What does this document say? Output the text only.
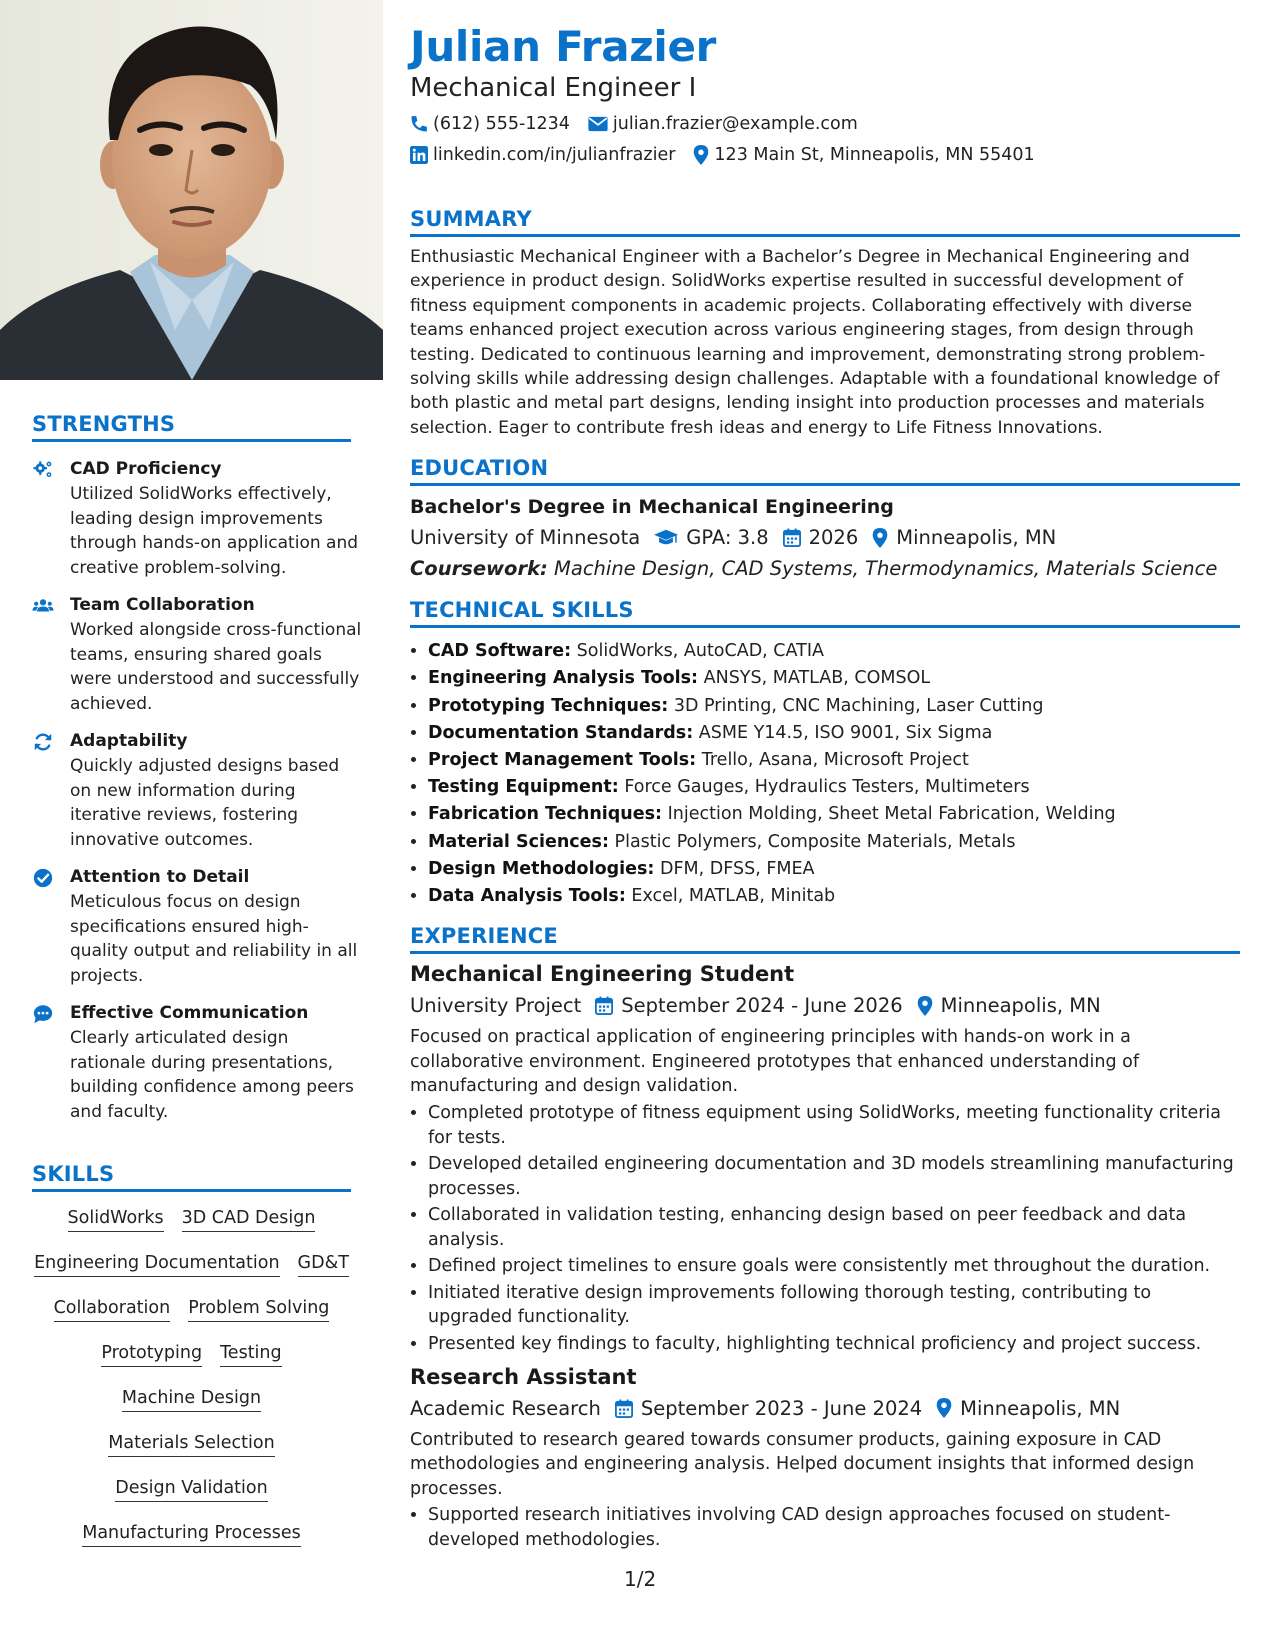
STRENGTHS
CAD Proficiency
Utilized SolidWorks effectively, leading design improvements through hands-on application and creative problem-solving.
Team Collaboration
Worked alongside cross-functional teams, ensuring shared goals were understood and successfully achieved.
Adaptability
Quickly adjusted designs based on new information during iterative reviews, fostering innovative outcomes.
Attention to Detail
Meticulous focus on design specifications ensured high-quality output and reliability in all projects.
Effective Communication
Clearly articulated design rationale during presentations, building confidence among peers and faculty.
SKILLS
SolidWorks 3D CAD Design
Engineering Documentation GD&T
Collaboration Problem Solving
Prototyping Testing
Machine Design
Materials Selection
Design Validation
Manufacturing Processes
Julian Frazier
Mechanical Engineer I
(612) 555-1234 julian.frazier@example.com
linkedin.com/in/julianfrazier 123 Main St, Minneapolis, MN 55401
SUMMARY
Enthusiastic Mechanical Engineer with a Bachelor’s Degree in Mechanical Engineering and experience in product design. SolidWorks expertise resulted in successful development of fitness equipment components in academic projects. Collaborating effectively with diverse teams enhanced project execution across various engineering stages, from design through testing. Dedicated to continuous learning and improvement, demonstrating strong problem-solving skills while addressing design challenges. Adaptable with a foundational knowledge of both plastic and metal part designs, lending insight into production processes and materials selection. Eager to contribute fresh ideas and energy to Life Fitness Innovations.
EDUCATION
Bachelor's Degree in Mechanical Engineering
University of Minnesota GPA: 3.8 2026 Minneapolis, MN
Coursework: Machine Design, CAD Systems, Thermodynamics, Materials Science
TECHNICAL SKILLS
• CAD Software: SolidWorks, AutoCAD, CATIA
• Engineering Analysis Tools: ANSYS, MATLAB, COMSOL
• Prototyping Techniques: 3D Printing, CNC Machining, Laser Cutting
• Documentation Standards: ASME Y14.5, ISO 9001, Six Sigma
• Project Management Tools: Trello, Asana, Microsoft Project
• Testing Equipment: Force Gauges, Hydraulics Testers, Multimeters
• Fabrication Techniques: Injection Molding, Sheet Metal Fabrication, Welding
• Material Sciences: Plastic Polymers, Composite Materials, Metals
• Design Methodologies: DFM, DFSS, FMEA
• Data Analysis Tools: Excel, MATLAB, Minitab
EXPERIENCE
Mechanical Engineering Student
University Project September 2024 - June 2026 Minneapolis, MN
Focused on practical application of engineering principles with hands-on work in a collaborative environment. Engineered prototypes that enhanced understanding of manufacturing and design validation.
• Completed prototype of fitness equipment using SolidWorks, meeting functionality criteria for tests.
• Developed detailed engineering documentation and 3D models streamlining manufacturing processes.
• Collaborated in validation testing, enhancing design based on peer feedback and data analysis.
• Defined project timelines to ensure goals were consistently met throughout the duration.
• Initiated iterative design improvements following thorough testing, contributing to upgraded functionality.
• Presented key findings to faculty, highlighting technical proficiency and project success.
Research Assistant
Academic Research September 2023 - June 2024 Minneapolis, MN
Contributed to research geared towards consumer products, gaining exposure in CAD methodologies and engineering analysis. Helped document insights that informed design processes.
• Supported research initiatives involving CAD design approaches focused on student-developed methodologies.
1/2
